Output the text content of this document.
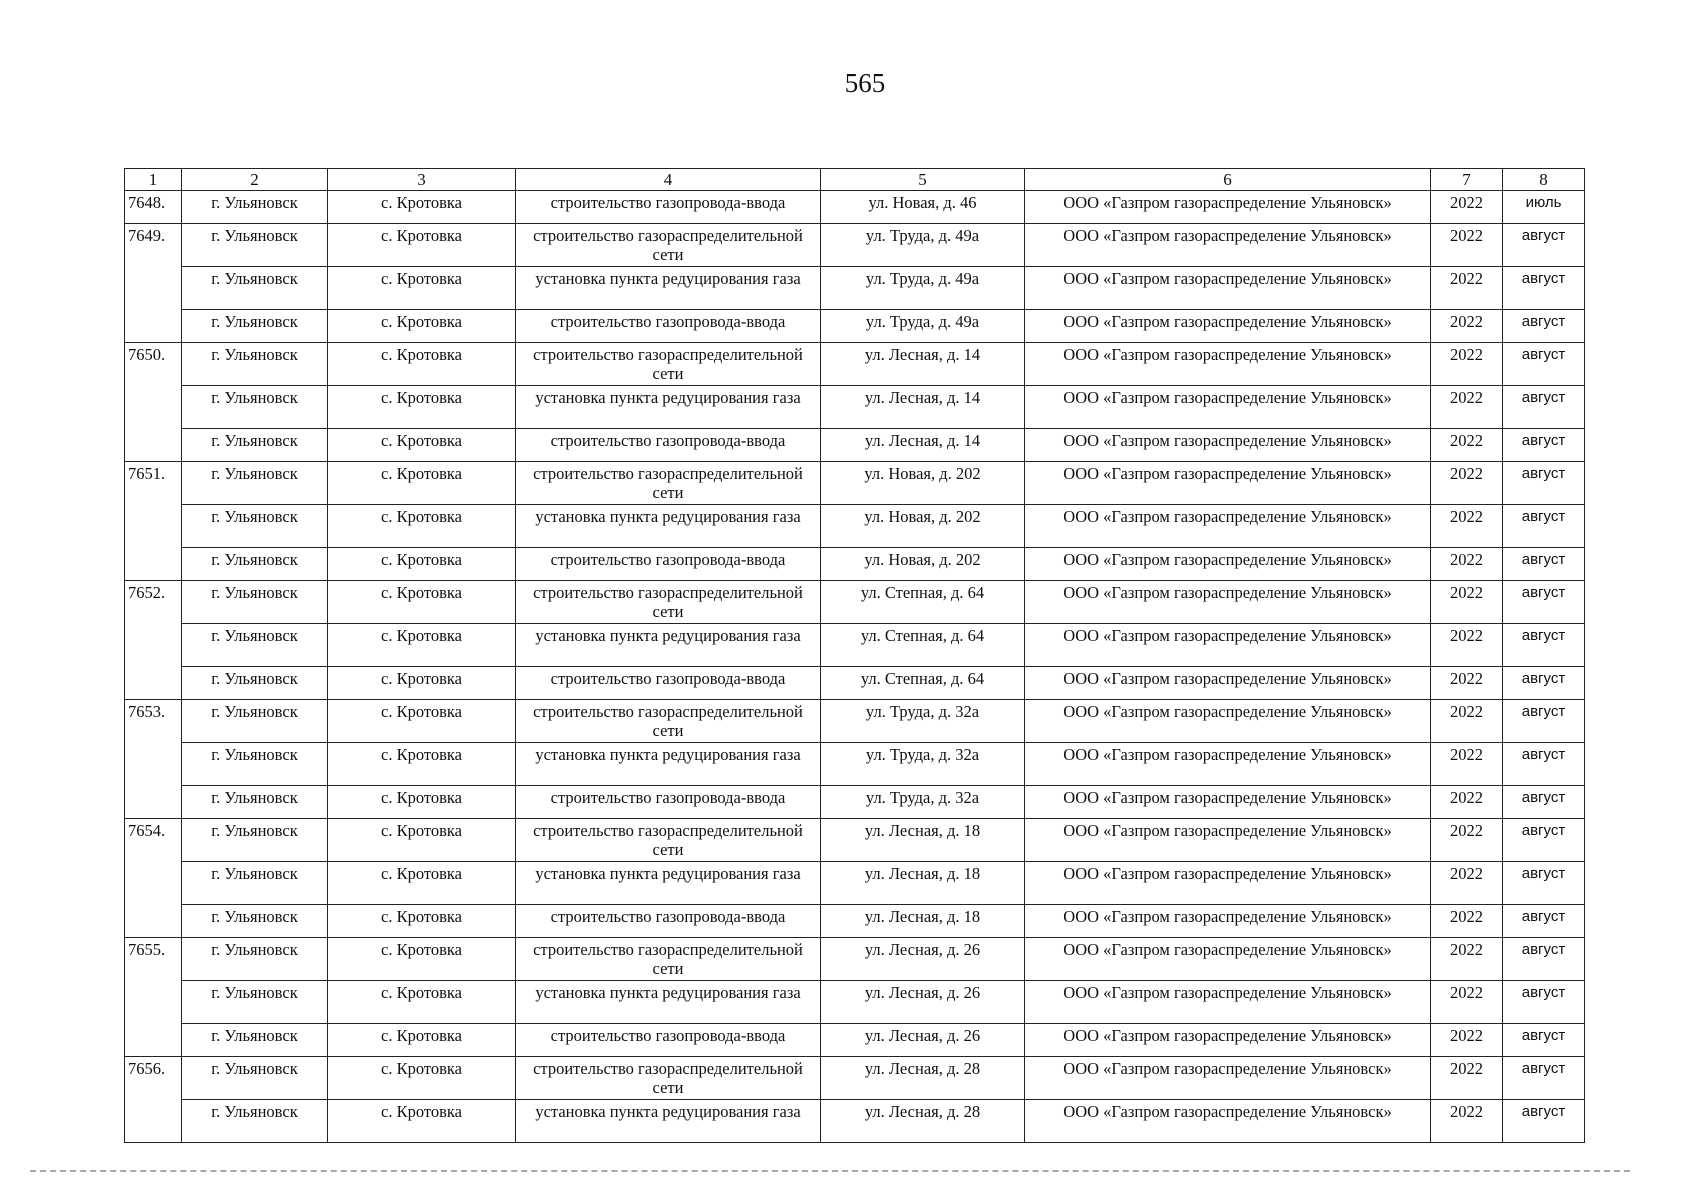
565
1	2	3	4	5	6	7	8
7648.	г. Ульяновск	с. Кротовка	строительство газопровода-ввода	ул. Новая, д. 46	ООО «Газпром газораспределение Ульяновск»	2022	июль
7649.	г. Ульяновск	с. Кротовка	строительство газораспределительной сети	ул. Труда, д. 49а	ООО «Газпром газораспределение Ульяновск»	2022	август
	г. Ульяновск	с. Кротовка	установка пункта редуцирования газа	ул. Труда, д. 49а	ООО «Газпром газораспределение Ульяновск»	2022	август
	г. Ульяновск	с. Кротовка	строительство газопровода-ввода	ул. Труда, д. 49а	ООО «Газпром газораспределение Ульяновск»	2022	август
7650.	г. Ульяновск	с. Кротовка	строительство газораспределительной сети	ул. Лесная, д. 14	ООО «Газпром газораспределение Ульяновск»	2022	август
	г. Ульяновск	с. Кротовка	установка пункта редуцирования газа	ул. Лесная, д. 14	ООО «Газпром газораспределение Ульяновск»	2022	август
	г. Ульяновск	с. Кротовка	строительство газопровода-ввода	ул. Лесная, д. 14	ООО «Газпром газораспределение Ульяновск»	2022	август
7651.	г. Ульяновск	с. Кротовка	строительство газораспределительной сети	ул. Новая, д. 202	ООО «Газпром газораспределение Ульяновск»	2022	август
	г. Ульяновск	с. Кротовка	установка пункта редуцирования газа	ул. Новая, д. 202	ООО «Газпром газораспределение Ульяновск»	2022	август
	г. Ульяновск	с. Кротовка	строительство газопровода-ввода	ул. Новая, д. 202	ООО «Газпром газораспределение Ульяновск»	2022	август
7652.	г. Ульяновск	с. Кротовка	строительство газораспределительной сети	ул. Степная, д. 64	ООО «Газпром газораспределение Ульяновск»	2022	август
	г. Ульяновск	с. Кротовка	установка пункта редуцирования газа	ул. Степная, д. 64	ООО «Газпром газораспределение Ульяновск»	2022	август
	г. Ульяновск	с. Кротовка	строительство газопровода-ввода	ул. Степная, д. 64	ООО «Газпром газораспределение Ульяновск»	2022	август
7653.	г. Ульяновск	с. Кротовка	строительство газораспределительной сети	ул. Труда, д. 32а	ООО «Газпром газораспределение Ульяновск»	2022	август
	г. Ульяновск	с. Кротовка	установка пункта редуцирования газа	ул. Труда, д. 32а	ООО «Газпром газораспределение Ульяновск»	2022	август
	г. Ульяновск	с. Кротовка	строительство газопровода-ввода	ул. Труда, д. 32а	ООО «Газпром газораспределение Ульяновск»	2022	август
7654.	г. Ульяновск	с. Кротовка	строительство газораспределительной сети	ул. Лесная, д. 18	ООО «Газпром газораспределение Ульяновск»	2022	август
	г. Ульяновск	с. Кротовка	установка пункта редуцирования газа	ул. Лесная, д. 18	ООО «Газпром газораспределение Ульяновск»	2022	август
	г. Ульяновск	с. Кротовка	строительство газопровода-ввода	ул. Лесная, д. 18	ООО «Газпром газораспределение Ульяновск»	2022	август
7655.	г. Ульяновск	с. Кротовка	строительство газораспределительной сети	ул. Лесная, д. 26	ООО «Газпром газораспределение Ульяновск»	2022	август
	г. Ульяновск	с. Кротовка	установка пункта редуцирования газа	ул. Лесная, д. 26	ООО «Газпром газораспределение Ульяновск»	2022	август
	г. Ульяновск	с. Кротовка	строительство газопровода-ввода	ул. Лесная, д. 26	ООО «Газпром газораспределение Ульяновск»	2022	август
7656.	г. Ульяновск	с. Кротовка	строительство газораспределительной сети	ул. Лесная, д. 28	ООО «Газпром газораспределение Ульяновск»	2022	август
	г. Ульяновск	с. Кротовка	установка пункта редуцирования газа	ул. Лесная, д. 28	ООО «Газпром газораспределение Ульяновск»	2022	август
